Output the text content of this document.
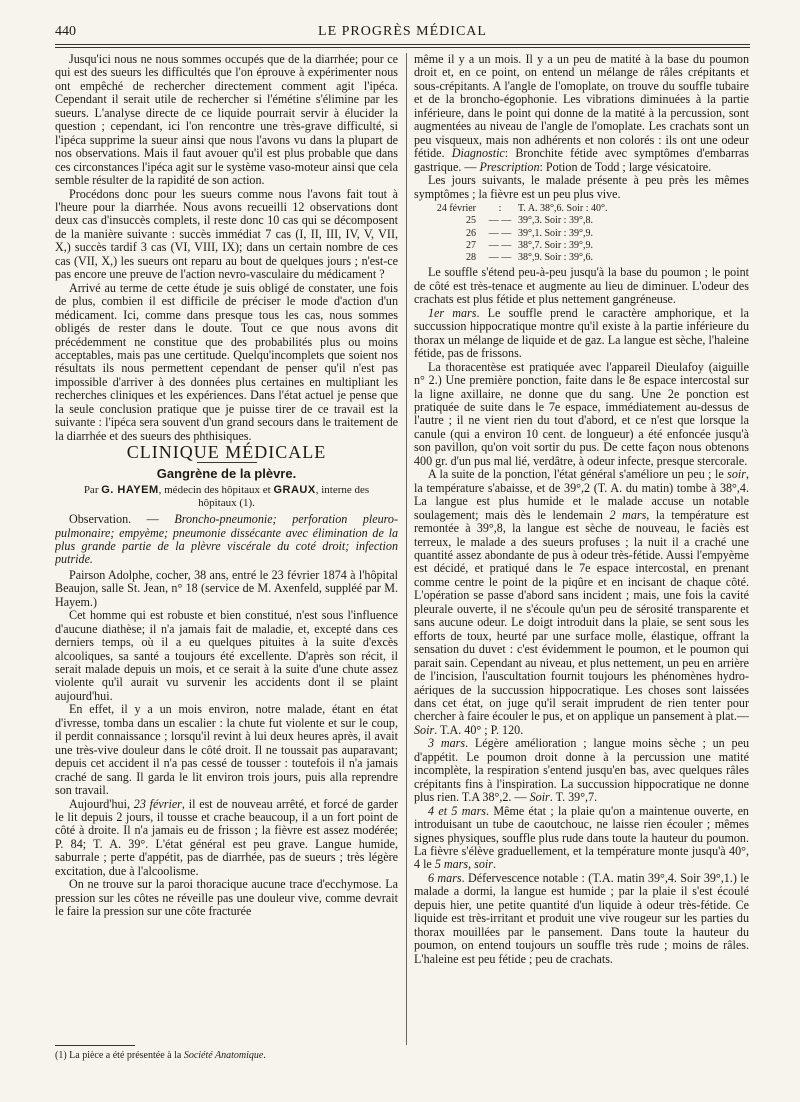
440	LE PROGRÈS MÉDICAL

Jusqu'ici nous ne nous sommes occupés que de la diarrhée; pour ce qui est des sueurs les difficultés que l'on éprouve à expérimenter nous ont empêché de rechercher directement comment agit l'ipéca. Cependant il serait utile de rechercher si l'émétine s'élimine par les sueurs. L'analyse directe de ce liquide pourrait servir à élucider la question ; cependant, ici l'on rencontre une très-grave difficulté, si l'ipéca supprime la sueur ainsi que nous l'avons vu dans la plupart de nos observations. Mais il faut avouer qu'il est plus probable que dans ces circonstances l'ipéca agit sur le système vaso-moteur ainsi que cela semble résulter de la rapidité de son action.

Procédons donc pour les sueurs comme nous l'avons fait tout à l'heure pour la diarrhée. Nous avons recueilli 12 observations dont deux cas d'insuccès complets, il reste donc 10 cas qui se décomposent de la manière suivante : succès immédiat 7 cas (I, II, III, IV, V, VII, X,) succès tardif 3 cas (VI, VIII, IX); dans un certain nombre de ces cas (VII, X,) les sueurs ont reparu au bout de quelques jours ; n'est-ce pas encore une preuve de l'action nevro-vasculaire du médicament ?

Arrivé au terme de cette étude je suis obligé de constater, une fois de plus, combien il est difficile de préciser le mode d'action d'un médicament. Ici, comme dans presque tous les cas, nous sommes obligés de rester dans le doute. Tout ce que nous avons dit précédemment ne constitue que des probabilités plus ou moins acceptables, mais pas une certitude. Quelqu'incomplets que soient nos résultats ils nous permettent cependant de penser qu'il n'est pas impossible d'arriver à des données plus certaines en multipliant les recherches cliniques et les expériences. Dans l'état actuel je pense que la seule conclusion pratique que je puisse tirer de ce travail est la suivante : l'ipéca sera souvent d'un grand secours dans le traitement de la diarrhée et des sueurs des phthisiques.

CLINIQUE MÉDICALE
Gangrène de la plèvre.
Par G. HAYEM, médecin des hôpitaux et GRAUX, interne des hôpitaux (1).

Observation. — Broncho-pneumonie; perforation pleuro-pulmonaire; empyème; pneumonie dissécante avec élimination de la plus grande partie de la plèvre viscérale du coté droit; infection putride.

Pairson Adolphe, cocher, 38 ans, entré le 23 février 1874 à l'hôpital Beaujon, salle St. Jean, n° 18 (service de M. Axenfeld, suppléé par M. Hayem.)

Cet homme qui est robuste et bien constitué, n'est sous l'influence d'aucune diathèse; il n'a jamais fait de maladie, et, excepté dans ces derniers temps, où il a eu quelques pituites à la suite d'excès alcooliques, sa santé a toujours été excellente. D'après son récit, il serait malade depuis un mois, et ce serait à la suite d'une chute assez violente qu'il aurait vu survenir les accidents dont il se plaint aujourd'hui.

En effet, il y a un mois environ, notre malade, étant en état d'ivresse, tomba dans un escalier : la chute fut violente et sur le coup, il perdit connaissance ; lorsqu'il revint à lui deux heures après, il avait une très-vive douleur dans le côté droit. Il ne toussait pas auparavant; depuis cet accident il n'a pas cessé de tousser : toutefois il n'a jamais craché de sang. Il garda le lit environ trois jours, puis alla reprendre son travail.

Aujourd'hui, 23 février, il est de nouveau arrêté, et forcé de garder le lit depuis 2 jours, il tousse et crache beaucoup, il a un fort point de côté à droite. Il n'a jamais eu de frisson ; la fièvre est assez modérée; P. 84; T. A. 39°. L'état général est peu grave. Langue humide, saburrale ; perte d'appétit, pas de diarrhée, pas de sueurs ; très légère excitation, due à l'alcoolisme.

On ne trouve sur la paroi thoracique aucune trace d'ecchymose. La pression sur les côtes ne réveille pas une douleur vive, comme devrait le faire la pression sur une côte fracturée

même il y a un mois. Il y a un peu de matité à la base du poumon droit et, en ce point, on entend un mélange de râles crépitants et sous-crépitants. A l'angle de l'omoplate, on trouve du souffle tubaire et de la broncho-égophonie. Les vibrations diminuées à la partie inférieure, dans le point qui donne de la matité à la percussion, sont augmentées au niveau de l'angle de l'omoplate. Les crachats sont un peu visqueux, mais non adhérents et non colorés : ils ont une odeur fétide. Diagnostic: Bronchite fétide avec symptômes d'embarras gastrique. — Prescription: Potion de Todd ; large vésicatoire.

Les jours suivants, le malade présente à peu près les mêmes symptômes ; la fièvre est un peu plus vive.

24 février	:	T. A. 38°,6. Soir : 40°.
25	— — 39°,3. Soir : 39°,8.
26	— — 39°,1. Soir : 39°,9.
27	— — 38°,7. Soir : 39°,9.
28	— — 38°,9. Soir : 39°,6.

Le souffle s'étend peu-à-peu jusqu'à la base du poumon ; le point de côté est très-tenace et augmente au lieu de diminuer. L'odeur des crachats est plus fétide et plus nettement gangréneuse.

1er mars. Le souffle prend le caractère amphorique, et la succussion hippocratique montre qu'il existe à la partie inférieure du thorax un mélange de liquide et de gaz. La langue est sèche, l'haleine fétide, pas de frissons.

La thoracentèse est pratiquée avec l'appareil Dieulafoy (aiguille n° 2.) Une première ponction, faite dans le 8e espace intercostal sur la ligne axillaire, ne donne que du sang. Une 2e ponction est pratiquée de suite dans le 7e espace, immédiatement au-dessus de l'autre ; il ne vient rien du tout d'abord, et ce n'est que lorsque la canule (qui a environ 10 cent. de longueur) a été enfoncée jusqu'à son pavillon, qu'on voit sortir du pus. De cette façon nous obtenons 400 gr. d'un pus mal lié, verdâtre, à odeur infecte, presque stercorale.

A la suite de la ponction, l'état général s'améliore un peu ; le soir, la température s'abaisse, et de 39°,2 (T. A. du matin) tombe à 38°,4. La langue est plus humide et le malade accuse un notable soulagement; mais dès le lendemain 2 mars, la température est remontée à 39°,8, la langue est sèche de nouveau, le faciès est terreux, le malade a des sueurs profuses ; la nuit il a craché une quantité assez abondante de pus à odeur très-fétide. Aussi l'empyème est décidé, et pratiqué dans le 7e espace intercostal, en prenant comme centre le point de la piqûre et en incisant de chaque côté. L'opération se passe d'abord sans incident ; mais, une fois la cavité pleurale ouverte, il ne s'écoule qu'un peu de sérosité transparente et sans aucune odeur. Le doigt introduit dans la plaie, se sent sous les efforts de toux, heurté par une surface molle, élastique, offrant la sensation du duvet : c'est évidemment le poumon, et le poumon qui parait sain. Cependant au niveau, et plus nettement, un peu en arrière de l'incision, l'auscultation fournit toujours les phénomènes hydro-aériques de la succussion hippocratique. Les choses sont laissées dans cet état, on juge qu'il serait imprudent de rien tenter pour chercher à faire écouler le pus, et on applique un pansement à plat.— Soir. T.A. 40° ; P. 120.

3 mars. Légère amélioration ; langue moins sèche ; un peu d'appétit. Le poumon droit donne à la percussion une matité incomplète, la respiration s'entend jusqu'en bas, avec quelques râles crépitants fins à l'inspiration. La succussion hippocratique ne donne plus rien. T.A 38°,2. — Soir. T. 39°,7.

4 et 5 mars. Même état ; la plaie qu'on a maintenue ouverte, en introduisant un tube de caoutchouc, ne laisse rien écouler ; mêmes signes physiques, souffle plus rude dans toute la hauteur du poumon. La fièvre s'élève graduellement, et la température monte jusqu'à 40°, 4 le 5 mars, soir.

6 mars. Défervescence notable : (T.A. matin 39°,4. Soir 39°,1.) le malade a dormi, la langue est humide ; par la plaie il s'est écoulé depuis hier, une petite quantité d'un liquide à odeur très-fétide. Ce liquide est très-irritant et produit une vive rougeur sur les parties du thorax mouillées par le pansement. Dans toute la hauteur du poumon, on entend toujours un souffle très rude ; moins de râles. L'haleine est peu fétide ; peu de crachats.

(1) La pièce a été présentée à la Société Anatomique.
